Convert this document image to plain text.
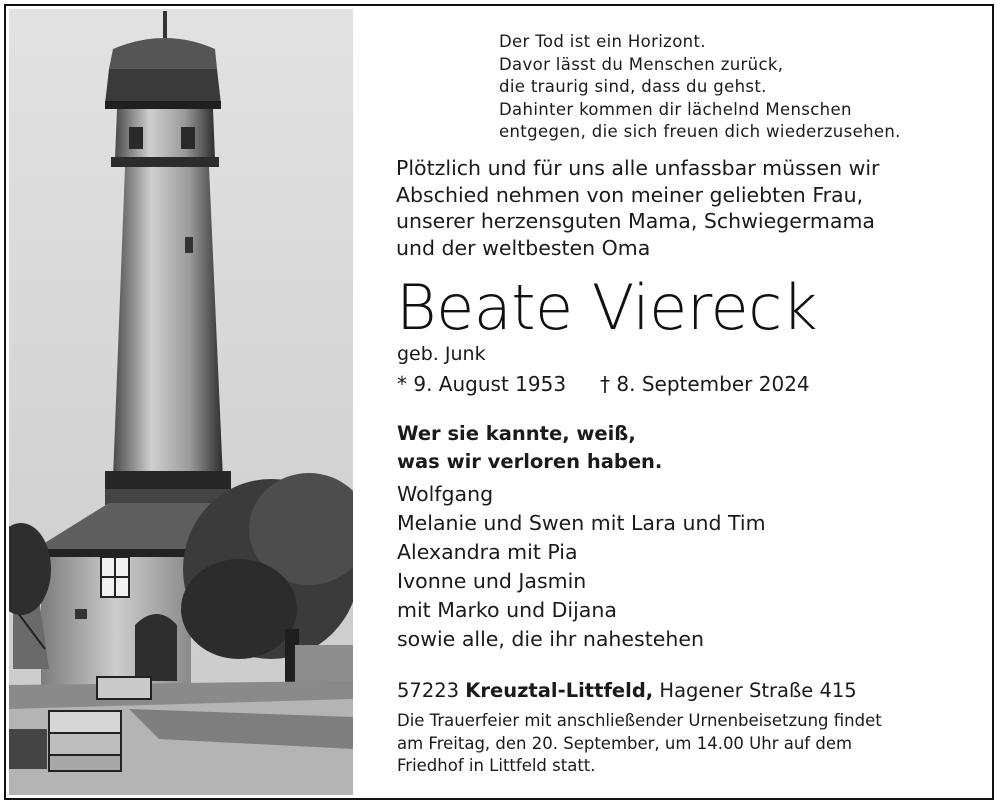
Der Tod ist ein Horizont.
Davor lässt du Menschen zurück,
die traurig sind, dass du gehst.
Dahinter kommen dir lächelnd Menschen
entgegen, die sich freuen dich wiederzusehen.
Plötzlich und für uns alle unfassbar müssen wir
Abschied nehmen von meiner geliebten Frau,
unserer herzensguten Mama, Schwiegermama
und der weltbesten Oma
Beate Viereck
geb. Junk
* 9. August 1953 † 8. September 2024
Wer sie kannte, weiß,
was wir verloren haben.
Wolfgang
Melanie und Swen mit Lara und Tim
Alexandra mit Pia
Ivonne und Jasmin
mit Marko und Dijana
sowie alle, die ihr nahestehen
57223 Kreuztal-Littfeld, Hagener Straße 415
Die Trauerfeier mit anschließender Urnenbeisetzung findet
am Freitag, den 20. September, um 14.00 Uhr auf dem
Friedhof in Littfeld statt.
